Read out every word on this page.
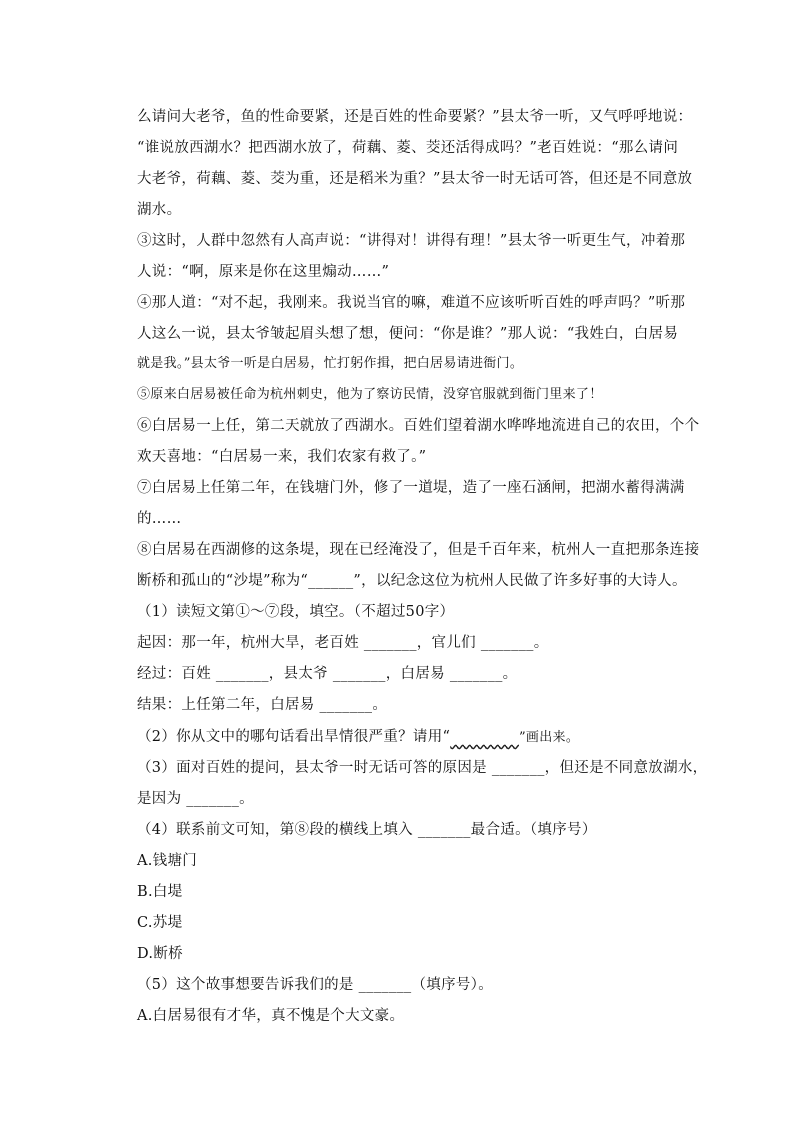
么请问大老爷，鱼的性命要紧，还是百姓的性命要紧？”县太爷一听，又气呼呼地说：
“谁说放西湖水？把西湖水放了，荷藕、菱、茭还活得成吗？”老百姓说：“那么请问
大老爷，荷藕、菱、茭为重，还是稻米为重？”县太爷一时无话可答，但还是不同意放
湖水。
③这时，人群中忽然有人高声说：“讲得对！讲得有理！”县太爷一听更生气，冲着那
人说：“啊，原来是你在这里煽动……”
④那人道：“对不起，我刚来。我说当官的嘛，难道不应该听听百姓的呼声吗？”听那
人这么一说，县太爷皱起眉头想了想，便问：“你是谁？”那人说：“我姓白，白居易
就是我。”县太爷一听是白居易，忙打躬作揖，把白居易请进衙门。
⑤原来白居易被任命为杭州刺史，他为了察访民情，没穿官服就到衙门里来了！
⑥白居易一上任，第二天就放了西湖水。百姓们望着湖水哗哗地流进自己的农田，个个
欢天喜地：“白居易一来，我们农家有救了。”
⑦白居易上任第二年，在钱塘门外，修了一道堤，造了一座石涵闸，把湖水蓄得满满
的……
⑧白居易在西湖修的这条堤，现在已经淹没了，但是千百年来，杭州人一直把那条连接
断桥和孤山的“沙堤”称为“______”，以纪念这位为杭州人民做了许多好事的大诗人。
（1）读短文第①～⑦段，填空。（不超过50字）
起因：那一年，杭州大旱，老百姓 _______，官儿们 _______。
经过：百姓 _______，县太爷 _______，白居易 _______。
结果：上任第二年，白居易 _______。
（2）你从文中的哪句话看出旱情很严重？请用“	”画出来。
（3）面对百姓的提问，县太爷一时无话可答的原因是 _______，但还是不同意放湖水，
是因为 _______。
（4）联系前文可知，第⑧段的横线上填入 _______最合适。（填序号）
A.钱塘门
B.白堤
C.苏堤
D.断桥
（5）这个故事想要告诉我们的是 _______（填序号）。
A.白居易很有才华，真不愧是个大文豪。
